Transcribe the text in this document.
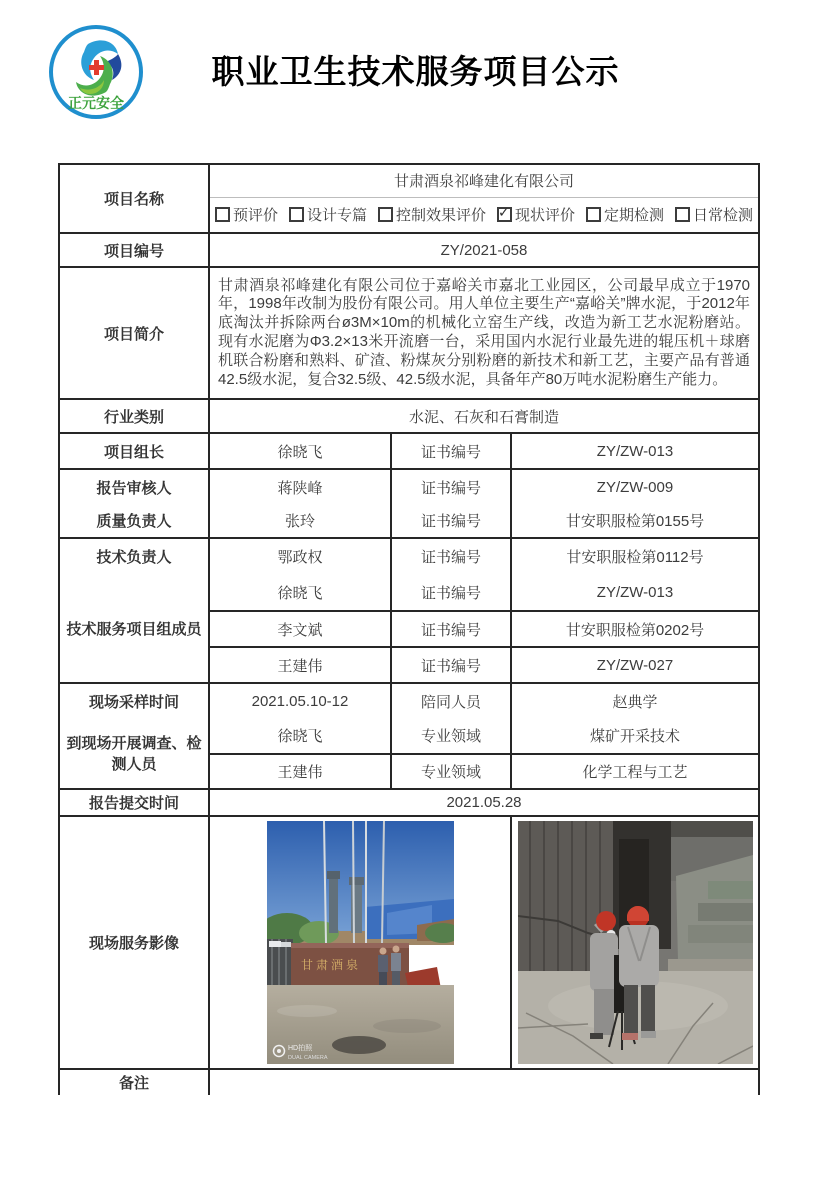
正元安全
职业卫生技术服务项目公示
项目名称	甘肃酒泉祁峰建化有限公司		

预评价 设计专篇 控制效果评价 ✓ 现状评价 定期检测 日常检测

项目编号	ZY/2021-058		
项目简介	甘肃酒泉祁峰建化有限公司位于嘉峪关市嘉北工业园区，公司最早成立于1970年，1998年改制为股份有限公司。用人单位主要生产“嘉峪关”牌水泥，于2012年底淘汰并拆除两台ø3M×10m的机械化立窑生产线，改造为新工艺水泥粉磨站。现有水泥磨为Φ3.2×13米开流磨一台，采用国内水泥行业最先进的辊压机＋球磨机联合粉磨和熟料、矿渣、粉煤灰分别粉磨的新技术和新工艺，主要产品有普通42.5级水泥，复合32.5级、42.5级水泥，具备年产80万吨水泥粉磨生产能力。		
行业类别	水泥、石灰和石膏制造		
项目组长	徐晓飞	证书编号	ZY/ZW-013
报告审核人	蒋陕峰	证书编号	ZY/ZW-009
质量负责人	张玲	证书编号	甘安职服检第0155号
技术负责人	鄂政权	证书编号	甘安职服检第0112号
技术服务项目组成员	徐晓飞	证书编号	ZY/ZW-013
	李文斌	证书编号	甘安职服检第0202号
	王建伟	证书编号	ZY/ZW-027
现场采样时间	2021.05.10-12	陪同人员	赵典学
到现场开展调查、检测人员	徐晓飞	专业领域	煤矿开采技术
	王建伟	专业领域	化学工程与工艺
报告提交时间	2021.05.28		
现场服务影像	甘肃酒泉
HD拍照
DUAL CAMERA

备注			
